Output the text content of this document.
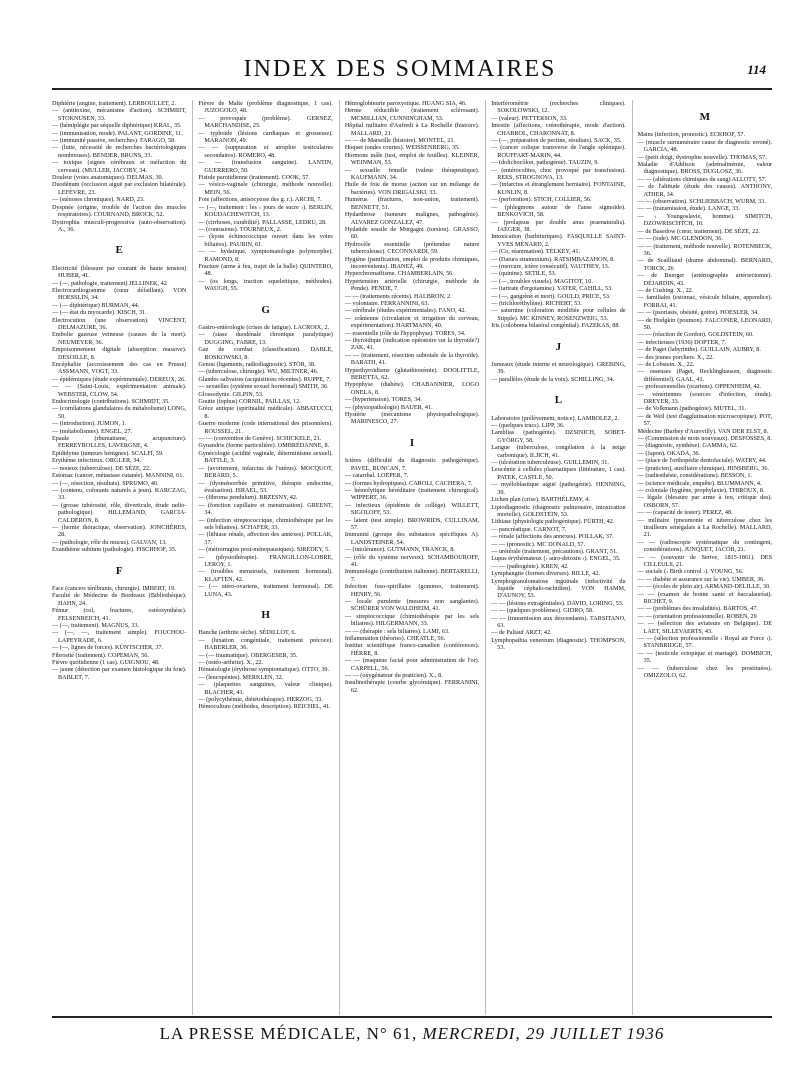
INDEX DES SOMMAIRES	114

Diphtérie (angine, traitement). LERBOULLET, 2.

— (antitoxine, mécanisme d'action). SCHMIDT, STOKNUSEN, 33.

— (hémiplégie par séquelle diphtérique) KRAL, 35.

— (immunisation, mode). PALANT, GORDINE, 11.

— (immunité passive, recherches). FARAGO, 58.

— (lutte, nécessité de recherches bactériologiques nombreuses). BENDER, BRUNS, 33.

— toxique (signes cérébraux et méfaction du cerveau). (MULLER, JACOBY, 34.

Douleur (voies anatomiques). DELMAS, 30.

Duodénum (occlusion aiguë par exclusion bilatérale). LEFÈVRE, 23.

— (sténoses chroniques). NARD, 23.

Dyspnée (origine, trouble de l'action des muscles respiratoires). COURNAND, BROCK, 52.

Dystrophia musculi-progressiva (auto-observation). A., 36.

E

Electricité (blessure par courant de haute tension) HUBER, 41.

— (—, pathologie, traitement) JELLINEK, 42

Electrocardiogramme (cœur défaillant). VON HOESSLIN, 34.

— (— diphtérique) BURMAN, 44.

— (— état du myocarde). KISCH, 31.

Electrocution (une observation). VINCENT, DELMAZURE, 36.

Embolie gazeuse veineuse (causes de la mort). NEUMEYER, 36.

Empoisonnement digitale (absorption massive). DESOILLE, 8.

Encéphalite (accroissement des cas en Prusse) ASSMANN, VOGT, 33.

— épidémiques (étude expérimentale). DEREUX, 26.

— — (Saint-Louis, expérimentation animale). WEBSTER, CLOW, 54.

Endocrinologie (contributions). SCHMIDT, 35.

— (corrélations glandulaires du métabolisme) LONG, 50.

— (introduction). JUMON, 1.

— (métabolismes). ENGEL, 27.

Epaule (rhumatisme, acupuncture). FERREYROLLES, LAVERGNE, 4.

Epididyme (tumeurs bénignes). SCALFI, 59.

Erythème infectieux. ORGLER, 34.

— noueux (tuberculose). DE SÈZE, 22.

Estomac (cancer, métastase cutanée). MANNINI, 61.

— (—, résection, résultats). SPRUMO, 40.

— (contenu, colorants naturels à jeun). KARCZAG, 33.

— (grosse tubérosité, rôle, diverticule, étude radio-pathologique). HILLEMAND, GARCIA-CALDERON, 8.

— (hernie thoracique, observation). JONCHÈRES, 28.

— (pathologie, rôle du mucus). GALVAN, 13.

Exanthème subitum (pathologie). FISCHHOF, 35.

F

Face (cancers térébrants, chirurgie). IMBERT, 19.

Faculté de Médecine de Bordeaux (Bibliothèque). HAHN, 24.

Fémur (col, fractures, ostéosynthèse). FELSENREICH, 41.

— (—, traitement). MAGNUS, 33.

— (—, —, traitement simple). FOUCHOU-LAPEYRADE, 6.

— (—, lignes de forces). KÜNTSCHER, 37.

Fibrosité (traitement). COPEMAN, 56.

Fièvre quotidienne (1 cas). GUIGNOU, 48.

— jaune (détection par examen histologique du foie). BABLET, 7.

Fièvre de Malte (problème diagnostique, 1 cas). JUZOGOLO, 48.

— provoquée (problème). GERNEZ, MARCHANDISE, 25.

— typhoïde (lésions cardiaques et grossesse). MARANON, 49.

— — (suppuration et atrophie testiculaires secondaires). ROMERO, 48.

— — (transfusion sanguine). LANTIN, GUERRERO, 50.

Fistule parotidienne (traitement). COOK, 57.

— vésico-vaginale (chirurgie, méthode nouvelle). MEIN, 56.

Foie (affections, anisocytose des g. r.). ARCHI, 7.

— (—, traitement : les ‹ jours de sucre ›). BERLIN, KOUDACHEWITCH, 13.

— (cirrhoses, curabilité). PALLASSE, LEDRU, 28.

— (contusions). TOURNEUX, 2.

— (kyste échinococcique ouvert dans les voies biliaires). PAUBIN, 61.

— — hydatique, symptomatologie polymorphe). RAMOND, 8.

Fracture (arme à feu, trajet de la balle) QUINTERO, 48.

— (os longs, traction squelettique, méthodes). WAUGH, 55.

G

Gastro-entérologie (crises de fatigue). LACROIX, 2.

— (stase duodénale chronique paralytique) DUGGING, FABRE, 13.

Gaz de combat (classification). DABLE, ROSKOWSKI, 8.

Genou (ligaments, radiodiagnostic). STÖR, 38.

— (tuberculose, chirurgie). WU, MILTNER, 46.

Glandes salivaires (acquisitions récentes). RUPPE, 7.

— sexuelles (système sexuel hormonal) SMITH, 36.

Glossodynie. GILPIN, 53.

Goutte (tophus) CORNIL, PAILLAS, 12.

Grèce antique (spiritualité médicale). ABBATUCCI, 8.

Guerre moderne (code international des prisonniers). ROUSSEL, 21.

— — (convention de Genève). SCHICKELE, 21.

Gynandrie (forme particulière). OMBRÉDANNE, 8.

Gynécologie (acidité vaginale, déterminisme sexuel). BATTLE, 3.

— (avortement, infarctus de l'utérus). MOCQUOT, BERARD, 5.

— (dysménorrhée primitive, thérapie endocrine, évaluation). ISRAEL, 53.

— (fibroma pendulum). BRZESNY, 42.

— (fonction capillaire et menstruation). GREENT, 34.

— (infection streptococcique, chimiothérapie par les sels biliaires). SCHAFER, 33.

— (lithiase rénale, affection des annexes). POLLAK, 37.

— (métrorragies post-ménopausiques). SIREDEY, 5.

— (physiothérapie). FRANGILLON-LOBRE, LEROY, 1.

— (troubles menstruels, traitement hormonal). KLAFTEN, 42.

— (— utéro-ovariens, traitement hormonal). DE LUNA, 43.

H

Hanche (arthrite sèche). SÉDILLOT, 6.

— (luxation congénitale, traitement précoce). HABERLER, 36.

— (— traumatique). OBERGESER, 35.

— (ostéo-arthrite). X., 22.

Hématologie (érythrose symptomatique). OTTO, 39.

— (leucopénies). MERKLEN, 32.

— (plaquettes sanguines, valeur clinique). BLACHER, 41.

— (polycythémie, diététothérapie). HERZOG, 33.

Hémoculture (méthodes, description). REICHEL, 41.

Hémoglobinurie paroxystique. HUANG SIA, 46.

Hernie réductible (traitement sclérosant). MCMILLIAN, CUNNINGHAM, 53.

Hôpital militaire d'Aufredi à La Rochelle (histoire). MALLARD, 21.

— — de Marseille (histoire). MONTEL, 21.

Hoquet (ondes courtes). WEISSENBERG, 35.

Hormone mâle (test, emploi de feuilles). KLEINER, WEINMAN, 53.

— sexuelle femelle (valeur thérapeutique). KAUFMANN, 34.

Huile de foie de morue (action sur un mélange de bactéries). VON DRIGALSKI, 33.

Humérus (fractures, non-union, traitement). BENNETT, 51.

Hydarthrose (tumeurs malignes, pathogénie). ALVAREZ GONZALEZ, 47.

Hydatide sessile de Morgagni (torsion). GRASSO, 60.

Hydrocèle essentielle (prétendue nature tuberculeuse). CECONNARDI, 59.

Hygiène (panification, emploi de produits chimiques, inconvénients). IBANEZ, 49.

Hyperchromaffisme. CHAMBERLAIN, 56.

Hypertension artérielle (chirurgie, méthode de Pende). PENDE, 7.

— — (traitements récents). HALBRON, 2.

— volontaire. FERRANNINI, 63.

— cérébrale (études expérimentales). FANO, 42.

— crânienne (circulation et irrigation du cerveau, expérimentation). HARTMANN, 40.

— essentielle (rôle de l'hypophyse). TORES, 34.

— thyroïdique (indication opératoire sur la thyroïde?) ZAK, 41.

— — (traitement, résection subtotale de la thyroïde). BARATH, 41.

Hyperthyroïdisme (glutathionémie). DOOLITTLE, BERETTA, 62.

Hypophyse (diabète). CHABANNIER, LOGO ONELA, 8.

— (hypertension). TORES, 34.

— (physiopathologie) BAUER, 41.

Hystérie (mécanisme physiopathologique). MARINESCO, 27.

I

Ictères (difficulté du diagnostic pathogénique). PAVEL, RUNCAN, 7.

— catarrhal. LOEPER, 7.

— (formes hydropiques). CAROLI, CACHERA, 7.

— hémolytique héréditaire (traitement chirurgical). WIPPERT, 36.

— infectieux (épidémie de collège). WILLETT, SIGOLOFF, 53.

— latent (test simple). BROWRIDS, CULLINAM, 57.

Immunité (groupe des substances spécifiques A). LANDSTEINER, 54.

— (intolérance). GUTMANN, TRANCK, 8.

— (rôle du système nerveux). SCHAMBOUROFF, 41.

Immunologie (contribution italienne). BERTARELLI, 7.

Infection fuso-spirillaire (gommes, traitement). HENRY, 56.

— locale purulente (mesures non sanglantes). SCHÜRER VON WALDHEIM, 41.

— streptococcique (chimiothérapie par les sels biliaires). HILGERMANN, 33.

— — (thérapie : sels biliaires). LAMI, 63.

Inflammation (théories). CHEATLE, 56.

Institut scientifique franco-canadien (conférences). HÉRRE, 8.

— — (maqueue facial pour administration de l'or). CARPELL, 56.

— — (oxygénateur du praticien). X., 8.

Insulinothérapie (courbe glycémique). FERRANINI, 62.

Interférométrie (recherches cliniques). SOKOLOWSKI, 12.

— (valeur). PETTERSON, 33.

Intestin (affections, crénothérapie, mode d'action). CHABROL, CHARONNAT, 8.

— (—, préparation de pectine, résultats). SACK, 35.

— (cancer colique transverse de l'angle splénique). ROUFFART-MARIN, 44.

— (dolichocôlon, pathogénie). TAUZIN, 9.

— (entérocolites, choc provoqué par transfusion). REES, STROGNOVA, 13.

— (infarctus et étranglement herniaire). FONTAINE, KUNLIN, 8.

— (perforation). STICH, COLLIER, 56.

— (phlegmons autour de l'anse sigmoïde). BENKOVICH, 58.

— (prolapsus par double anus praenaturalis). JAEGER, 38.

Intoxication (barbituriques). FASQUELLE SAINT-YVES MÉNARD, 2.

— (Co, réanimation). TÉLKEY, 41.

— (Datura stramonium). RATSIMBAZAHON, 8.

— (mercure, ictère consécutif). VAUTHEY, 13.

— (quinine). SETILE, 53.

— (—, troubles visuels). MAGITOT, 10.

— (tartrate d'ergotamine). YATER, CAHILL, 53.

— (—, gangrène et mort). GOULD, PRICE, 53.

— (trichloréthylène). RICHERT, 53.

— saturnine (coloration modifiée pour cellules de Stipple). MC KINNEY, ROSENZWEIG, 53.

Iris (coloboma bilatéral congénital). FAZEKAS, 88.

J

Jumeaux (étude interne et neurologique). GREBING, 39.

— parallèles (étude de la voix). SCHILLING, 34.

L

Laboratoire (prélèvement, notice). LAMBOLEZ, 2.

— (quelques trucs). LIPP, 36.

Lamblias (pathogénie). DZSINICH, SOBET-GYÖRGY, 58.

Langue (tuberculose, congélation à la neige carbonique). ILJICH, 41.

— (ulcération tuberculeuse). GUILLEMIN, 31.

Leucémie à cellules plasmatiques (littérature, 1 cas). PATEK, CASTLE, 50.

— myéloblastique aiguë (pathogénie). HENNING, 39.

Lichen plan (crise). BARTHÉLEMY, 4.

Lipiodiagnostic (diagnostic pulmonaire, intoxication mortelle). GOLDSTEIN, 53.

Lithiase (physiologie pathogénique). FÜRTH, 42.

— pancréatique. CARNOT, 7.

— rénale (affections des annexes). POLLAK, 37.

— — (pronostic). MC DONALD, 57.

— urétérale (traitement, précautions). GRANT, 51.

Lupus érythémateux (‹ auro-detoxin ›). ENGEL, 35.

— — (pathogénie). KREN, 42.

Lymphangite (formes diverses). RILLE, 42.

Lymphogranulomatose inguinale (infectivité du liquide céphalo-rachidien). VON HAMM, D'AUNOY, 53.

— — (lésions extragénitales). DAVID, LORING, 53.

— — (quelques problèmes). GIDRO, 58.

— — (transmission aux descendants). TARSITANO, 63.

— de Paltauf ARZT, 42.

Lymphopathia venereum (diagnostic). THOMPSON, 53.

M

Mains (infection, pronostic). ECKHOF, 57.

— (muscle surnuméraire cause de diagnostic erroné). GARCIA, 48.

— (petit doigt, dystrophie nouvelle). THOMAS, 57.

Maladie d'Addison (adrénalinémie, valeur diagnostique). BROSS, DUGLOSZ, 36.

— — (altérations chimiques du sang) ALLOTT, 57.

— de l'altitude (étude des causes). ANTHONY, ATHER, 34.

— — (observation). SCHLIEBBACH, WURM, 33.

— — (transmission, étude). LANGE, 33.

— ‹ Youngoslavie, homme). SIMITCH, DZOWRISCHTCH, 10.

— de Basedow (cœur, traitement). DE SÈZE, 22.

— — (iode). MC GLENDON, 36.

— — (traitement, méthode nouvelle). ROTENBECK, 36.

— de Scailliaud (drame abdominal). BERNARD, TORCK, 26

— de Buerger (artériographie artériectomie). DÉJARDIN, 43.

— de Cushing. X., 22.

— familiales (estomac, vésicule biliaire, appendice). FORRAI, 41.

— — (psoriasis, obésité, goitre). HOESLER, 34.

— de Hodgkin (poumon). FALCONER, LEONARD, 50.

— — (réaction de Gordon). GOLDSTEIN, 60.

— infectieuses (1936) DOPTER, 7.

— de Paget (labyrinthe). GUILLAIN, AUBRY, 8.

— des jeunes porchers. X., 22.

— de Lobstein. X., 22.

— osseuses (Paget, Recklinghausen, diagnostic différentiel). GAAL, 41.

— professionnelles (ocariens). OPPENHEIM, 42.

— vénériennes (sources d'infection, étude). DREYER, 33.

— de Volkmann (pathogénie). MUTEL, 31.

— de Weil (test d'agglutination microscopique). POT, 57.

Médecine (Barbey d'Aurevilly). VAN DER ELST, 8.

— (Commission de mots nouveaux). DESFOSSES, 8.

— (diagnostic, synthèse). GAMMA, 62.

— (Japon). OKADA, 36.

— (place de l'orthopédie dentofaciale). WATRY, 44.

— (praticien), auxiliaire chimique). HINSBERG, 36.

— (radiesthésie, considérations). BESSON, 1.

— (science médicale, enquête). BLUMMANN, 4.

— coloniale (hygiène, prophylaxie). THIROUX, 8.

— légale (blessure par arme à feu, critique des). OSBORN, 57.

— — (capacité de tester). PEREZ, 48.

— militaire (pneumonie et tuberculose chez les tirailleurs sénégalais à La Rochelle). MALLARD, 21.

— — (radioscopie systématique du contingent, considérations). JUNQUET, JACOB, 21.

— — (souvenir de Serive, 1815-1861). DES CILLEULS, 21.

— sociale (‹ Birth control ›). YOUNG, 56.

— — diabète et assurance sur la vie). UMBER, 36.

— — (écoles de plein air). ARMAND-DELILLE, 30.

— — (examen de bonne santé et baccalauréat). RICHET, 9.

— — (problèmes des invalidités). BARTOS, 47.

— — (orientation professionnelle). ROBEN, 29

— — (sélection des aviateurs en Belgique). DE LAET, SILLEVAERTS, 43.

— — (sélection professionnelle ‹ Royal air Force ›). STANBRIDGE, 57.

— — (testicule ectopique et mariage). DOMBICH, 35.

— — (tuberculose chez les prostituées). OMIZZOLO, 62.

LA PRESSE MÉDICALE, N° 61, MERCREDI, 29 JUILLET 1936
